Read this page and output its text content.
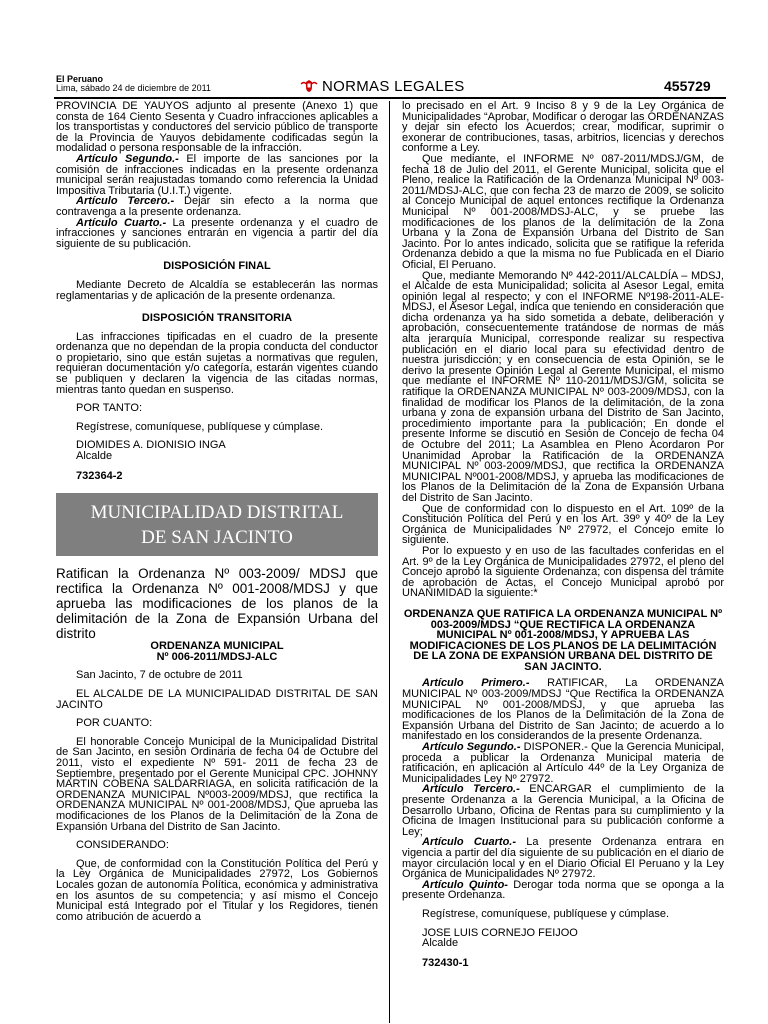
El Peruano
Lima, sábado 24 de diciembre de 2011	NORMAS LEGALES	455729

PROVINCIA DE YAUYOS adjunto al presente (Anexo 1) que consta de 164 Ciento Sesenta y Cuadro infracciones aplicables a los transportistas y conductores del servicio público de transporte de la Provincia de Yauyos debidamente codificadas según la modalidad o persona responsable de la infracción.

Artículo Segundo.- El importe de las sanciones por la comisión de infracciones indicadas en la presente ordenanza municipal serán reajustadas tomando como referencia la Unidad Impositiva Tributaria (U.I.T.) vigente.

Artículo Tercero.- Dejar sin efecto a la norma que contravenga a la presente ordenanza.

Artículo Cuarto.- La presente ordenanza y el cuadro de infracciones y sanciones entrarán en vigencia a partir del día siguiente de su publicación.

DISPOSICIÓN FINAL

Mediante Decreto de Alcaldía se establecerán las normas reglamentarias y de aplicación de la presente ordenanza.

DISPOSICIÓN TRANSITORIA

Las infracciones tipificadas en el cuadro de la presente ordenanza que no dependan de la propia conducta del conductor o propietario, sino que están sujetas a normativas que regulen, requieran documentación y/o categoría, estarán vigentes cuando se publiquen y declaren la vigencia de las citadas normas, mientras tanto quedan en suspenso.

POR TANTO:

Regístrese, comuníquese, publíquese y cúmplase.

DIOMIDES A. DIONISIO INGA

Alcalde

732364-2

MUNICIPALIDAD DISTRITAL
DE SAN JACINTO

Ratifican la Ordenanza Nº 003-2009/ MDSJ que rectifica la Ordenanza Nº 001-2008/MDSJ y que aprueba las modificaciones de los planos de la delimitación de la Zona de Expansión Urbana del distrito

ORDENANZA MUNICIPAL

Nº 006-2011/MDSJ-ALC

San Jacinto, 7 de octubre de 2011

EL ALCALDE DE LA MUNICIPALIDAD DISTRITAL DE SAN JACINTO

POR CUANTO:

El honorable Concejo Municipal de la Municipalidad Distrital de San Jacinto, en sesión Ordinaria de fecha 04 de Octubre del 2011, visto el expediente Nº 591- 2011 de fecha 23 de Septiembre, presentado por el Gerente Municipal CPC. JOHNNY MARTIN COBEÑA SALDARRIAGA, en solicita ratificación de la ORDENANZA MUNICIPAL Nº003-2009/MDSJ, que rectifica la ORDENANZA MUNICIPAL Nº 001-2008/MDSJ, Que aprueba las modificaciones de los Planos de la Delimitación de la Zona de Expansión Urbana del Distrito de San Jacinto.

CONSIDERANDO:

Que, de conformidad con la Constitución Política del Perú y la Ley Orgánica de Municipalidades 27972, Los Gobiernos Locales gozan de autonomía Política, económica y administrativa en los asuntos de su competencia; y así mismo el Concejo Municipal está Integrado por el Titular y los Regidores, tienen como atribución de acuerdo a

lo precisado en el Art. 9 Inciso 8 y 9 de la Ley Orgánica de Municipalidades “Aprobar, Modificar o derogar las ORDENANZAS y dejar sin efecto los Acuerdos; crear, modificar, suprimir o exonerar de contribuciones, tasas, arbitrios, licencias y derechos conforme a Ley.

Que mediante, el INFORME Nº 087-2011/MDSJ/GM, de fecha 18 de Julio del 2011, el Gerente Municipal, solicita que el Pleno, realice la Ratificación de la Ordenanza Municipal Nº 003-2011/MDSJ-ALC, que con fecha 23 de marzo de 2009, se solicito al Concejo Municipal de aquel entonces rectifique la Ordenanza Municipal Nº 001-2008/MDSJ-ALC, y se pruebe las modificaciones de los planos de la delimitación de la Zona Urbana y la Zona de Expansión Urbana del Distrito de San Jacinto. Por lo antes indicado, solicita que se ratifique la referida Ordenanza debido a que la misma no fue Publicada en el Diario Oficial, El Peruano.

Que, mediante Memorando Nº 442-2011/ALCALDÍA – MDSJ, el Alcalde de esta Municipalidad; solicita al Asesor Legal, emita opinión legal al respecto; y con el INFORME Nº198-2011-ALE-MDSJ, el Asesor Legal, indica que teniendo en consideración que dicha ordenanza ya ha sido sometida a debate, deliberación y aprobación, consecuentemente tratándose de normas de más alta jerarquía Municipal, corresponde realizar su respectiva publicación en el diario local para su efectividad dentro de nuestra jurisdicción; y en consecuencia de esta Opinión, se le derivo la presente Opinión Legal al Gerente Municipal, el mismo que mediante el INFORME Nº 110-2011/MDSJ/GM, solicita se ratifique la ORDENANZA MUNICIPAL Nº 003-2009/MDSJ, con la finalidad de modificar los Planos de la delimitación, de la zona urbana y zona de expansión urbana del Distrito de San Jacinto, procedimiento importante para la publicación; En donde el presente Informe se discutió en Sesión de Concejo de fecha 04 de Octubre del 2011; La Asamblea en Pleno Acordaron Por Unanimidad Aprobar la Ratificación de la ORDENANZA MUNICIPAL Nº 003-2009/MDSJ, que rectifica la ORDENANZA MUNICIPAL Nº001-2008/MDSJ, y aprueba las modificaciones de los Planos de la Delimitación de la Zona de Expansión Urbana del Distrito de San Jacinto.

Que de conformidad con lo dispuesto en el Art. 109º de la Constitución Política del Perú y en los Art. 39º y 40º de la Ley Orgánica de Municipalidades Nº 27972, el Concejo emite lo siguiente.

Por lo expuesto y en uso de las facultades conferidas en el Art. 9º de la Ley Orgánica de Municipalidades 27972, el pleno del Concejo aprobó la siguiente Ordenanza; con dispensa del trámite de aprobación de Actas, el Concejo Municipal aprobó por UNANIMIDAD la siguiente:*

ORDENANZA QUE RATIFICA LA ORDENANZA MUNICIPAL Nº 003-2009/MDSJ “QUE RECTIFICA LA ORDENANZA MUNICIPAL Nº 001-2008/MDSJ, Y APRUEBA LAS MODIFICACIONES DE LOS PLANOS DE LA DELIMITACIÓN DE LA ZONA DE EXPANSIÓN URBANA DEL DISTRITO DE SAN JACINTO.

Artículo Primero.- RATIFICAR, La ORDENANZA MUNICIPAL Nº 003-2009/MDSJ “Que Rectifica la ORDENANZA MUNICIPAL Nº 001-2008/MDSJ, y que aprueba las modificaciones de los Planos de la Delimitación de la Zona de Expansión Urbana del Distrito de San Jacinto; de acuerdo a lo manifestado en los considerandos de la presente Ordenanza.

Artículo Segundo.- DISPONER.- Que la Gerencia Municipal, proceda a publicar la Ordenanza Municipal materia de ratificación, en aplicación al Artículo 44º de la Ley Organiza de Municipalidades Ley Nº 27972.

Artículo Tercero.- ENCARGAR el cumplimiento de la presente Ordenanza a la Gerencia Municipal, a la Oficina de Desarrollo Urbano, Oficina de Rentas para su cumplimiento y la Oficina de Imagen Institucional para su publicación conforme a Ley;

Artículo Cuarto.- La presente Ordenanza entrara en vigencia a partir del día siguiente de su publicación en el diario de mayor circulación local y en el Diario Oficial El Peruano y la Ley Orgánica de Municipalidades Nº 27972.

Artículo Quinto- Derogar toda norma que se oponga a la presente Ordenanza.

Regístrese, comuníquese, publíquese y cúmplase.

JOSE LUIS CORNEJO FEIJOO

Alcalde

732430-1
